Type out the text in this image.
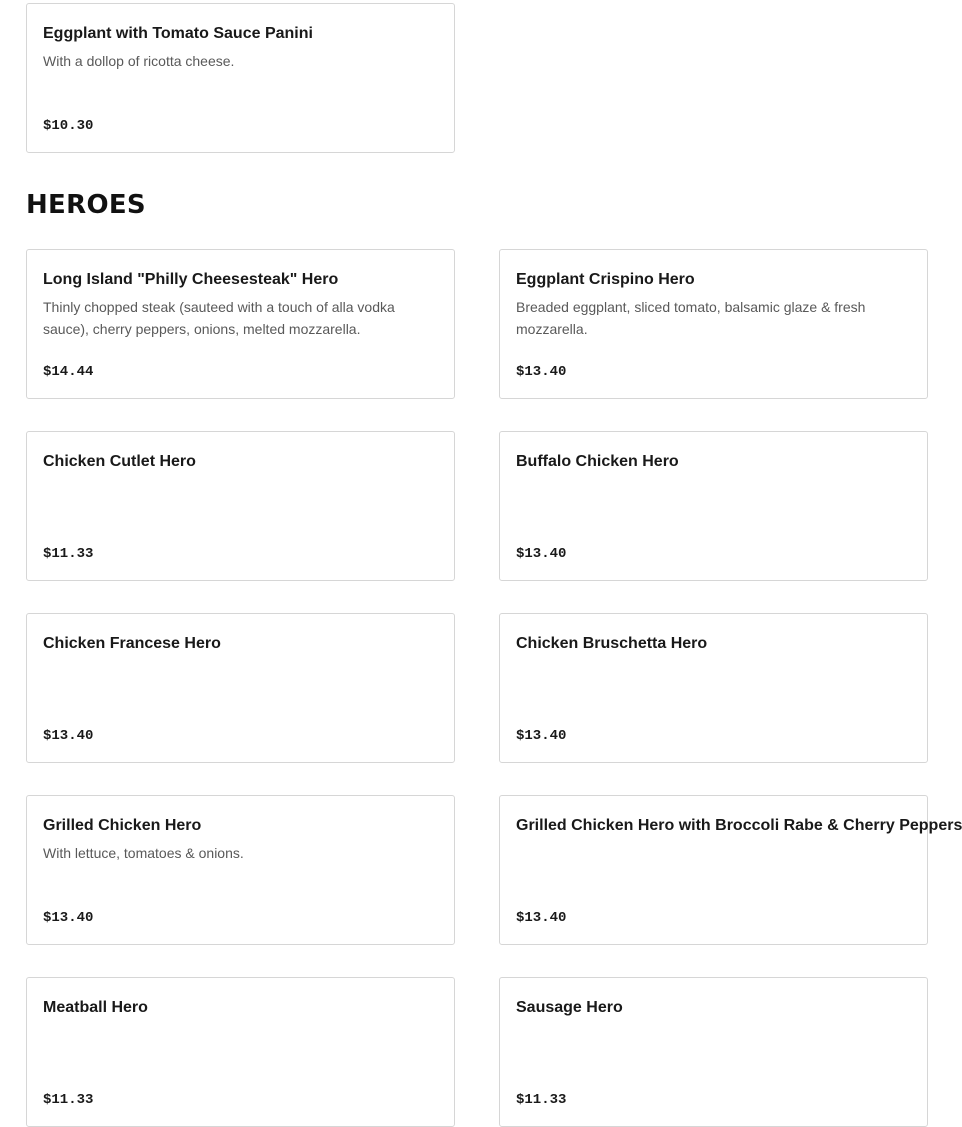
Eggplant with Tomato Sauce Panini
With a dollop of ricotta cheese.
$10.30
HEROES
Long Island "Philly Cheesesteak" Hero
Thinly chopped steak (sauteed with a touch of alla vodka sauce), cherry peppers, onions, melted mozzarella.
$14.44
Eggplant Crispino Hero
Breaded eggplant, sliced tomato, balsamic glaze & fresh mozzarella.
$13.40
Chicken Cutlet Hero
$11.33
Buffalo Chicken Hero
$13.40
Chicken Francese Hero
$13.40
Chicken Bruschetta Hero
$13.40
Grilled Chicken Hero
With lettuce, tomatoes & onions.
$13.40
Grilled Chicken Hero with Broccoli Rabe & Cherry Peppers
$13.40
Meatball Hero
$11.33
Sausage Hero
$11.33
